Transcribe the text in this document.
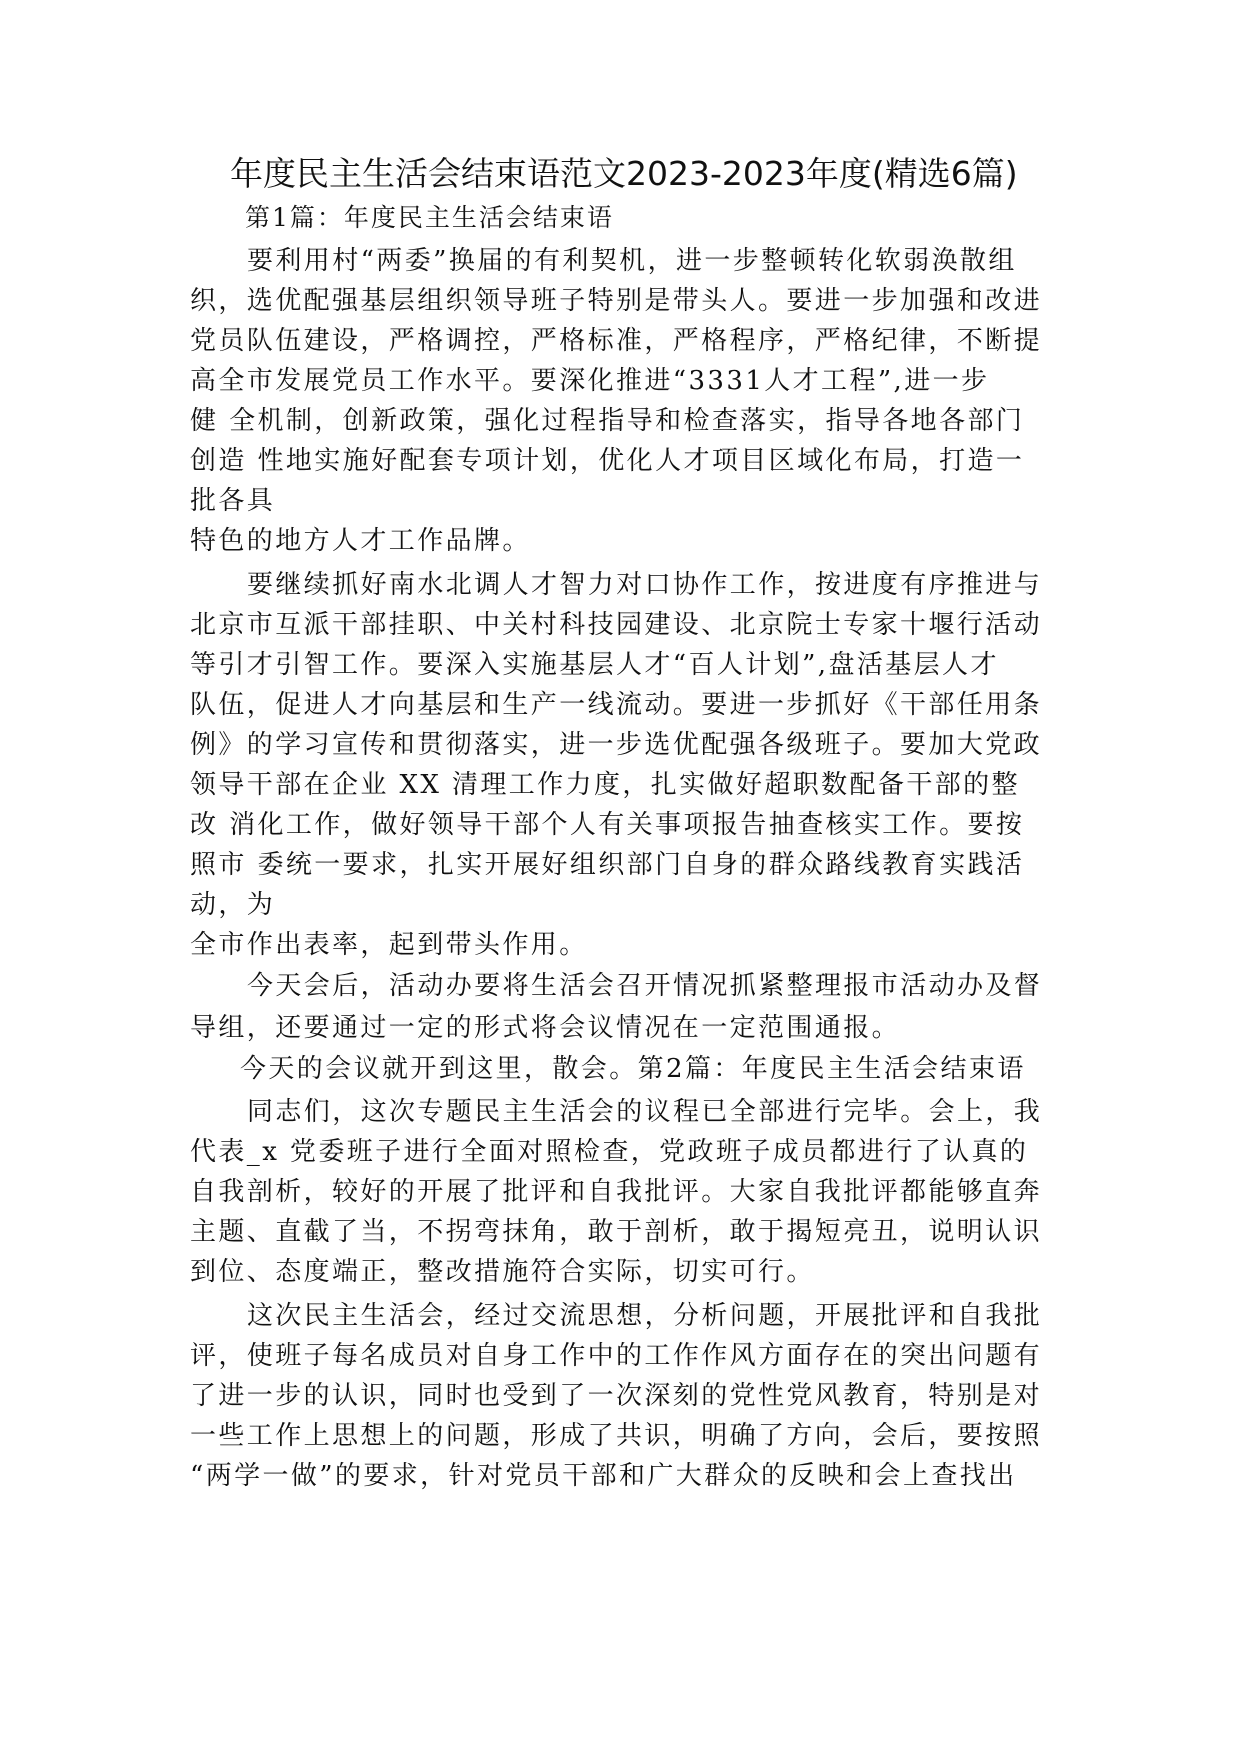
年度民主生活会结束语范文2023-2023年度(精选6篇)
第1篇：年度民主生活会结束语
要利用村“两委”换届的有利契机，进一步整顿转化软弱涣散组
织，选优配强基层组织领导班子特别是带头人。要进一步加强和改进
党员队伍建设，严格调控，严格标准，严格程序，严格纪律，不断提
高全市发展党员工作水平。要深化推进“3331人才工程”,进一步
健 全机制，创新政策，强化过程指导和检查落实，指导各地各部门
创造 性地实施好配套专项计划，优化人才项目区域化布局，打造一
批各具
特色的地方人才工作品牌。
要继续抓好南水北调人才智力对口协作工作，按进度有序推进与
北京市互派干部挂职、中关村科技园建设、北京院士专家十堰行活动
等引才引智工作。要深入实施基层人才“百人计划”,盘活基层人才
队伍，促进人才向基层和生产一线流动。要进一步抓好《干部任用条
例》的学习宣传和贯彻落实，进一步选优配强各级班子。要加大党政
领导干部在企业 XX 清理工作力度，扎实做好超职数配备干部的整
改 消化工作，做好领导干部个人有关事项报告抽查核实工作。要按
照市 委统一要求，扎实开展好组织部门自身的群众路线教育实践活
动，为
全市作出表率，起到带头作用。
今天会后，活动办要将生活会召开情况抓紧整理报市活动办及督
导组，还要通过一定的形式将会议情况在一定范围通报。
今天的会议就开到这里，散会。第2篇：年度民主生活会结束语
同志们，这次专题民主生活会的议程已全部进行完毕。会上，我
代表_x 党委班子进行全面对照检查，党政班子成员都进行了认真的
自我剖析，较好的开展了批评和自我批评。大家自我批评都能够直奔
主题、直截了当，不拐弯抹角，敢于剖析，敢于揭短亮丑，说明认识
到位、态度端正，整改措施符合实际，切实可行。
这次民主生活会，经过交流思想，分析问题，开展批评和自我批
评，使班子每名成员对自身工作中的工作作风方面存在的突出问题有
了进一步的认识，同时也受到了一次深刻的党性党风教育，特别是对
一些工作上思想上的问题，形成了共识，明确了方向，会后，要按照
“两学一做”的要求，针对党员干部和广大群众的反映和会上查找出
